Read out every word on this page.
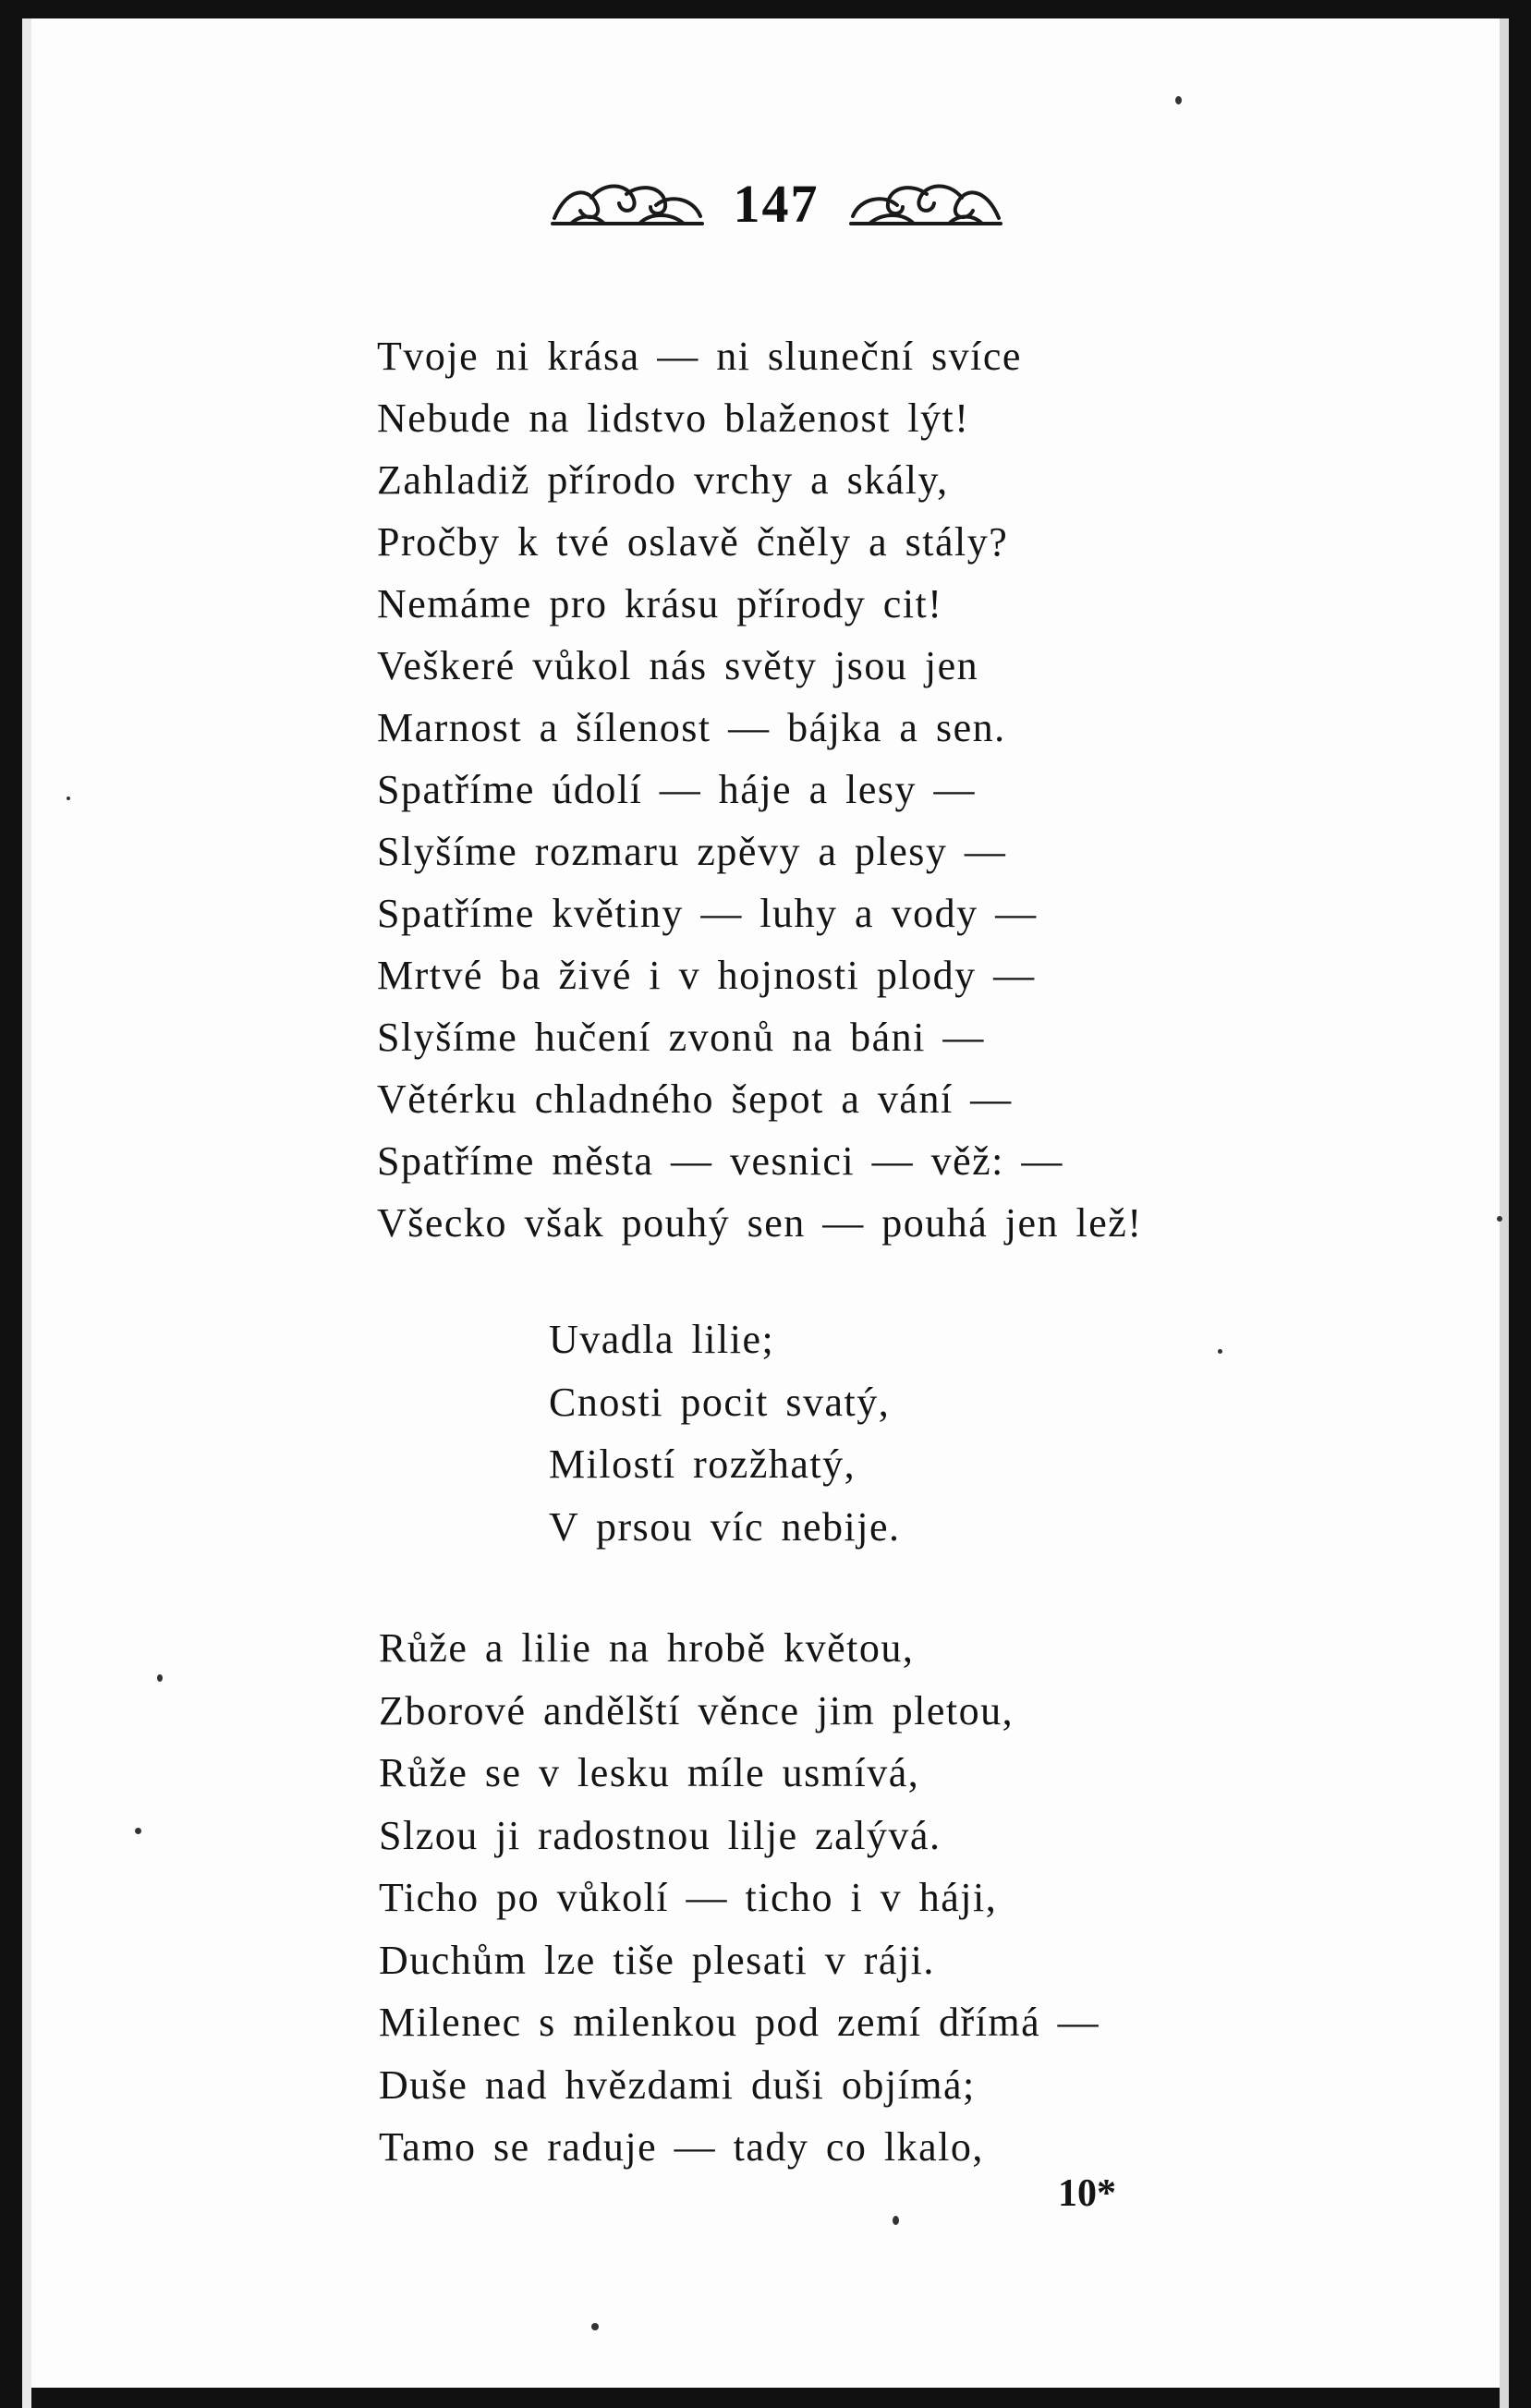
147
Tvoje ni krása — ni sluneční svíce
Nebude na lidstvo blaženost lýt!
Zahladiž přírodo vrchy a skály,
Pročby k tvé oslavě čněly a stály?
Nemáme pro krásu přírody cit!
Veškeré vůkol nás světy jsou jen
Marnost a šílenost — bájka a sen.
Spatříme údolí — háje a lesy —
Slyšíme rozmaru zpěvy a plesy —
Spatříme květiny — luhy a vody —
Mrtvé ba živé i v hojnosti plody —
Slyšíme hučení zvonů na báni —
Větérku chladného šepot a vání —
Spatříme města — vesnici — věž: —
Všecko však pouhý sen — pouhá jen lež!
Uvadla lilie;
Cnosti pocit svatý,
Milostí rozžhatý,
V prsou víc nebije.
Růže a lilie na hrobě květou,
Zborové andělští věnce jim pletou,
Růže se v lesku míle usmívá,
Slzou ji radostnou lilje zalývá.
Ticho po vůkolí — ticho i v háji,
Duchům lze tiše plesati v ráji.
Milenec s milenkou pod zemí dřímá —
Duše nad hvězdami duši objímá;
Tamo se raduje — tady co lkalo,
10*
